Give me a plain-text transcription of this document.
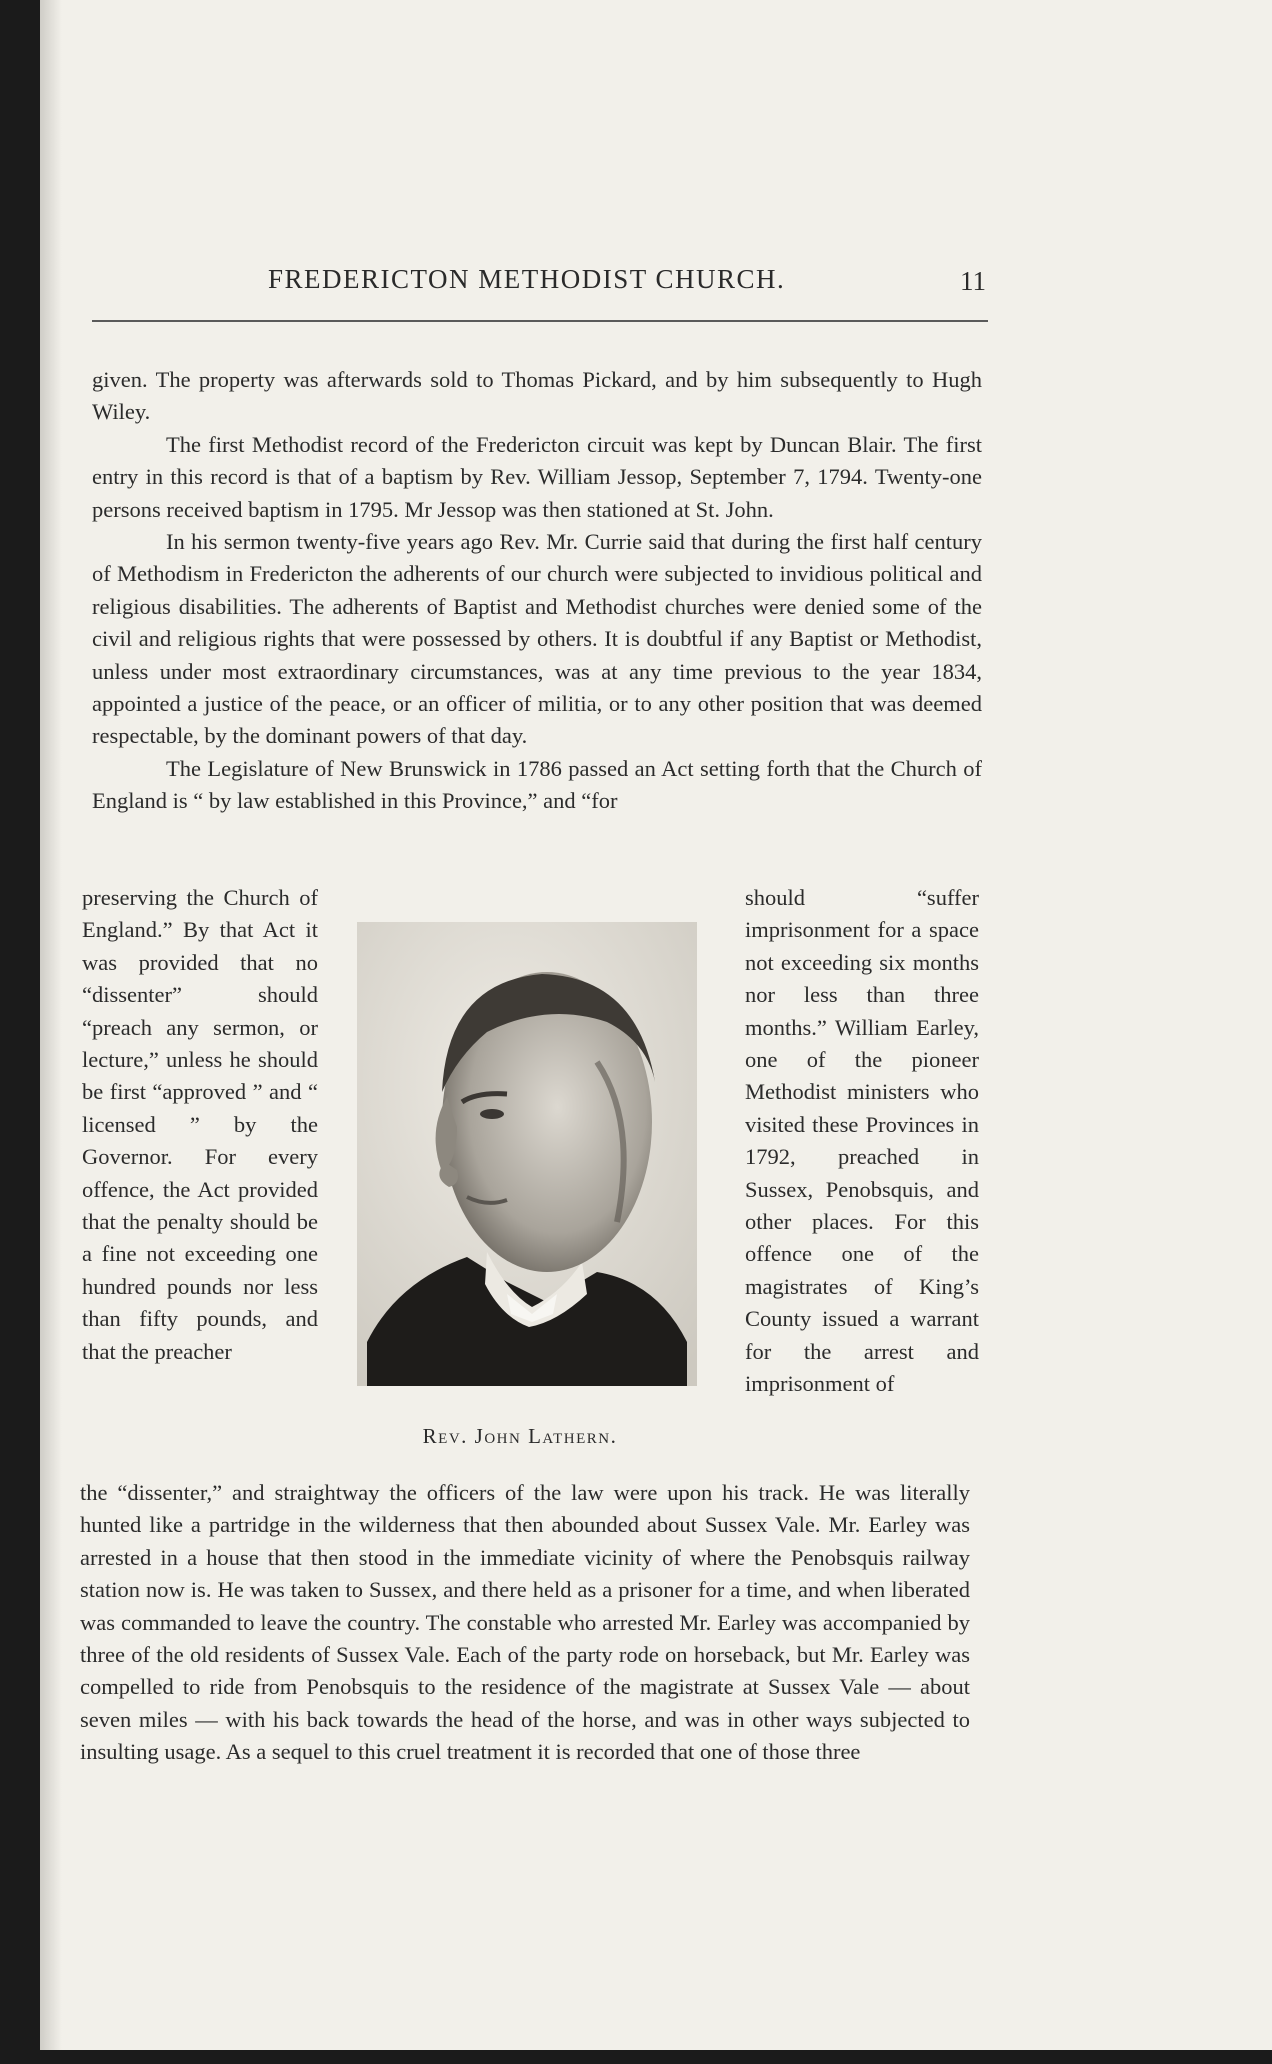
FREDERICTON METHODIST CHURCH.	11

given. The property was afterwards sold to Thomas Pickard, and by him subsequently to Hugh Wiley.

The first Methodist record of the Fredericton circuit was kept by Duncan Blair. The first entry in this record is that of a baptism by Rev. William Jessop, September 7, 1794. Twenty-one persons received baptism in 1795. Mr Jessop was then stationed at St. John.

In his sermon twenty-five years ago Rev. Mr. Currie said that during the first half century of Methodism in Fredericton the adherents of our church were subjected to invidious political and religious disabilities. The adherents of Baptist and Methodist churches were denied some of the civil and religious rights that were possessed by others. It is doubtful if any Baptist or Methodist, unless under most extraordinary circumstances, was at any time previous to the year 1834, appointed a justice of the peace, or an officer of militia, or to any other position that was deemed respectable, by the dominant powers of that day.

The Legislature of New Brunswick in 1786 passed an Act setting forth that the Church of England is “ by law established in this Province,” and “for

preserving the Church of England.” By that Act it was provided that no “dissenter” should “preach any sermon, or lecture,” unless he should be first “approved ” and “ licensed ” by the Governor. For every offence, the Act provided that the penalty should be a fine not exceeding one hundred pounds nor less than fifty pounds, and that the preacher

Rev. John Lathern.

should “suffer imprisonment for a space not exceeding six months nor less than three months.” William Earley, one of the pioneer Methodist ministers who visited these Provinces in 1792, preached in Sussex, Penobsquis, and other places. For this offence one of the magistrates of King’s County issued a warrant for the arrest and imprisonment of

the “dissenter,” and straightway the officers of the law were upon his track. He was literally hunted like a partridge in the wilderness that then abounded about Sussex Vale. Mr. Earley was arrested in a house that then stood in the immediate vicinity of where the Penobsquis railway station now is. He was taken to Sussex, and there held as a prisoner for a time, and when liberated was commanded to leave the country. The constable who arrested Mr. Earley was accompanied by three of the old residents of Sussex Vale. Each of the party rode on horseback, but Mr. Earley was compelled to ride from Penobsquis to the residence of the magistrate at Sussex Vale — about seven miles — with his back towards the head of the horse, and was in other ways subjected to insulting usage. As a sequel to this cruel treatment it is recorded that one of those three
